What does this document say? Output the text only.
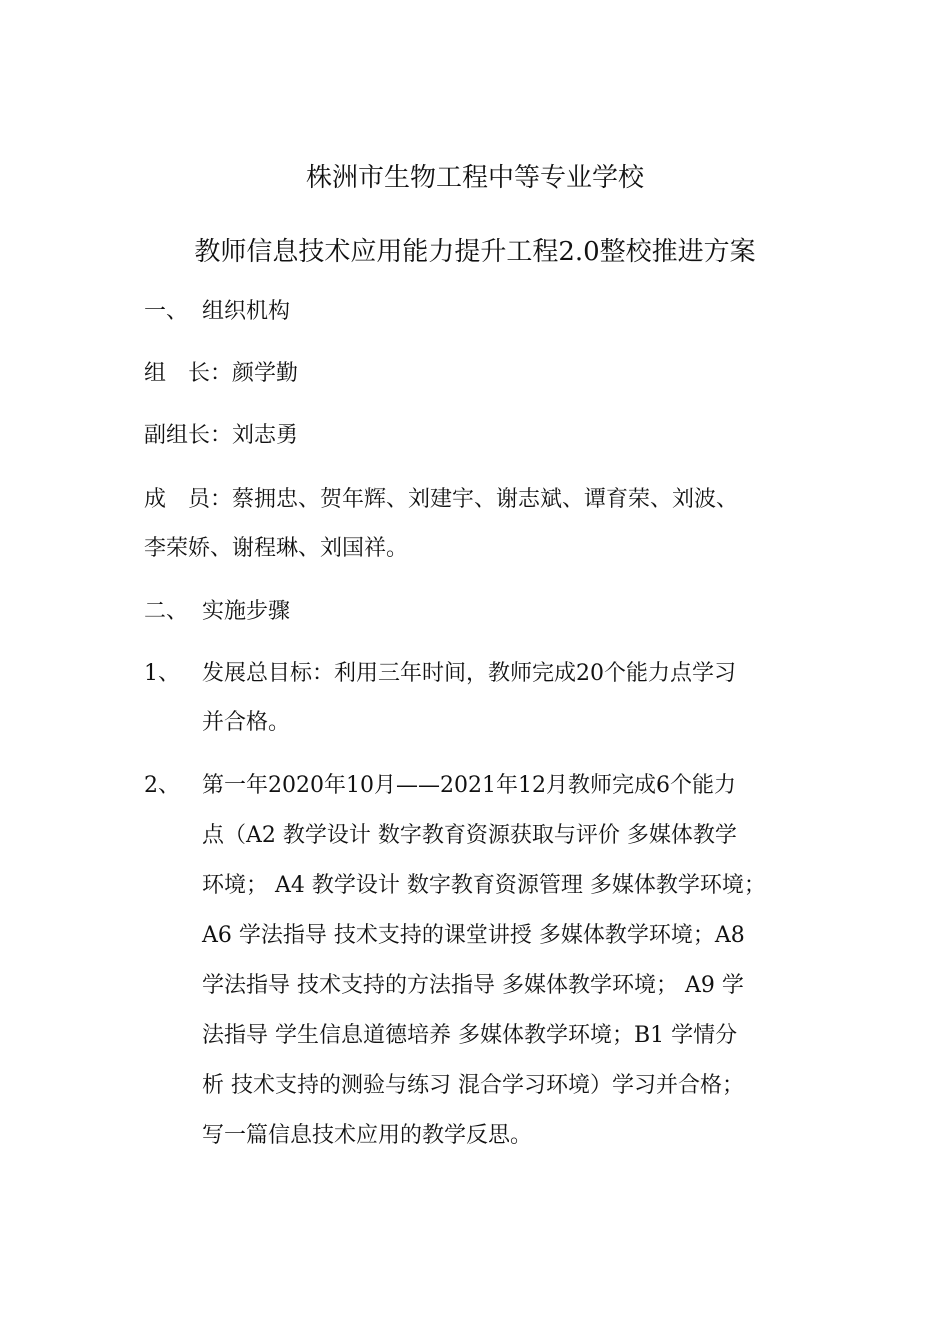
株洲市生物工程中等专业学校
教师信息技术应用能力提升工程2.0整校推进方案
一、 组织机构
组　长：颜学勤
副组长：刘志勇
成　员：蔡拥忠、贺年辉、刘建宇、谢志斌、谭育荣、刘波、
李荣娇、谢程琳、刘国祥。
二、 实施步骤
1、 发展总目标：利用三年时间，教师完成20个能力点学习
并合格。
2、 第一年2020年10月——2021年12月教师完成6个能力
点（A2 教学设计 数字教育资源获取与评价 多媒体教学
环境； A4 教学设计 数字教育资源管理 多媒体教学环境；
A6 学法指导 技术支持的课堂讲授 多媒体教学环境；A8
学法指导 技术支持的方法指导 多媒体教学环境； A9 学
法指导 学生信息道德培养 多媒体教学环境；B1 学情分
析 技术支持的测验与练习 混合学习环境）学习并合格；
写一篇信息技术应用的教学反思。
